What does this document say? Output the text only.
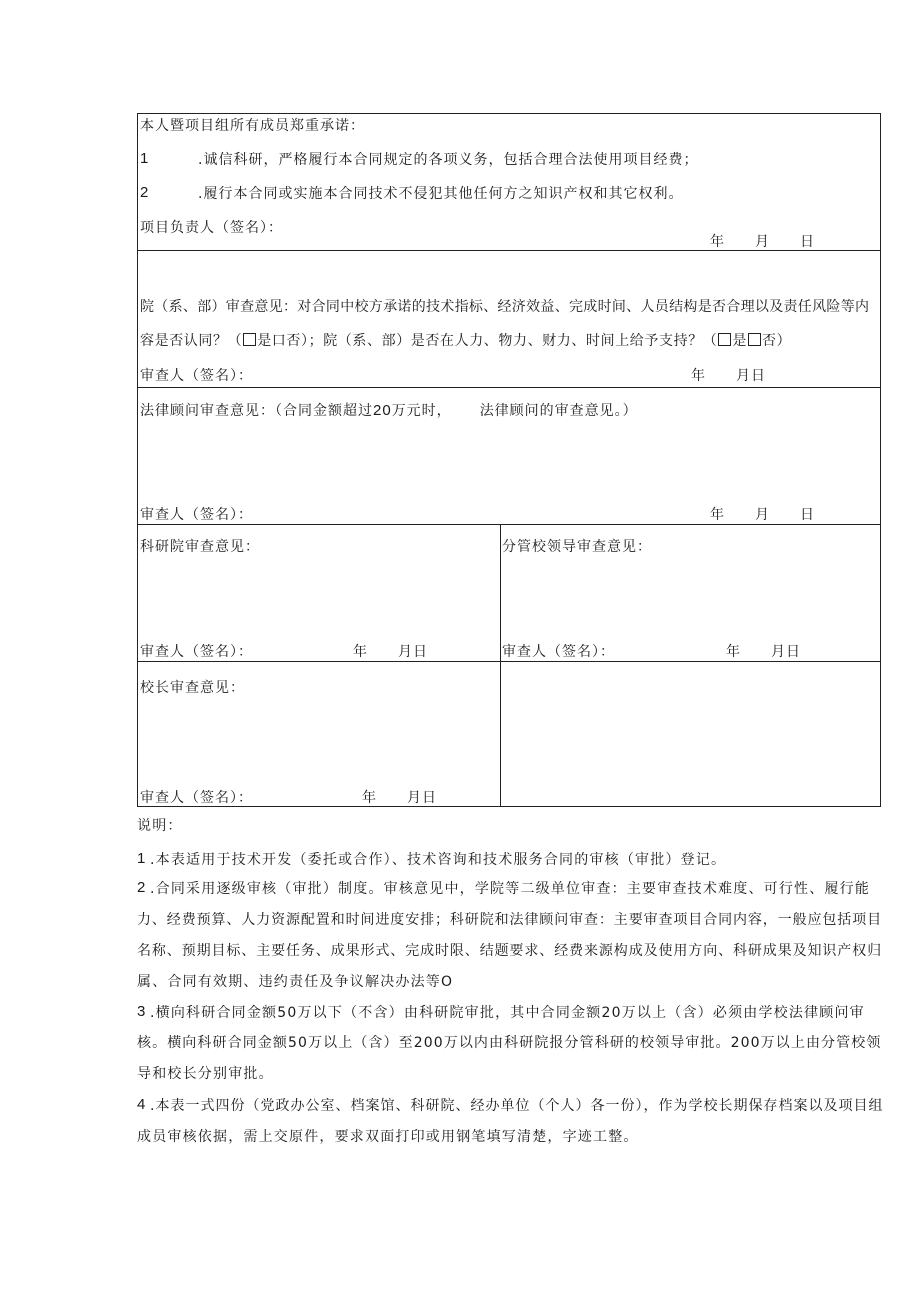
本人暨项目组所有成员郑重承诺：
1	.诚信科研，严格履行本合同规定的各项义务，包括合理合法使用项目经费；
2	.履行本合同或实施本合同技术不侵犯其他任何方之知识产权和其它权利。
项目负责人（签名）：
年　　月　　日
院（系、部）审查意见：对合同中校方承诺的技术指标、经济效益、完成时间、人员结构是否合理以及责任风险等内
容是否认同？（ 是口否）；院（系、部）是否在人力、物力、财力、时间上给予支持？（ 是 否）
审查人（签名）：	年　　月日
法律顾问审查意见：（合同金额超过20万元时， 法律顾问的审查意见。）
审查人（签名）：	年　　月　　日
科研院审查意见：
审查人（签名）：	年　　月日
分管校领导审查意见：
审查人（签名）：	年　　月日
校长审查意见：
审查人（签名）：	年　　月日
说明：
1 .本表适用于技术开发（委托或合作）、技术咨询和技术服务合同的审核（审批）登记。
2 .合同采用逐级审核（审批）制度。审核意见中，学院等二级单位审查：主要审查技术难度、可行性、履行能
力、经费预算、人力资源配置和时间进度安排；科研院和法律顾问审查：主要审查项目合同内容，一般应包括项目
名称、预期目标、主要任务、成果形式、完成时限、结题要求、经费来源构成及使用方向、科研成果及知识产权归
属、合同有效期、违约责任及争议解决办法等O
3 .横向科研合同金额50万以下（不含）由科研院审批，其中合同金额20万以上（含）必须由学校法律顾问审
核。横向科研合同金额50万以上（含）至200万以内由科研院报分管科研的校领导审批。200万以上由分管校领
导和校长分别审批。
4 .本表一式四份（党政办公室、档案馆、科研院、经办单位（个人）各一份），作为学校长期保存档案以及项目组
成员审核依据，需上交原件，要求双面打印或用钢笔填写清楚，字迹工整。
